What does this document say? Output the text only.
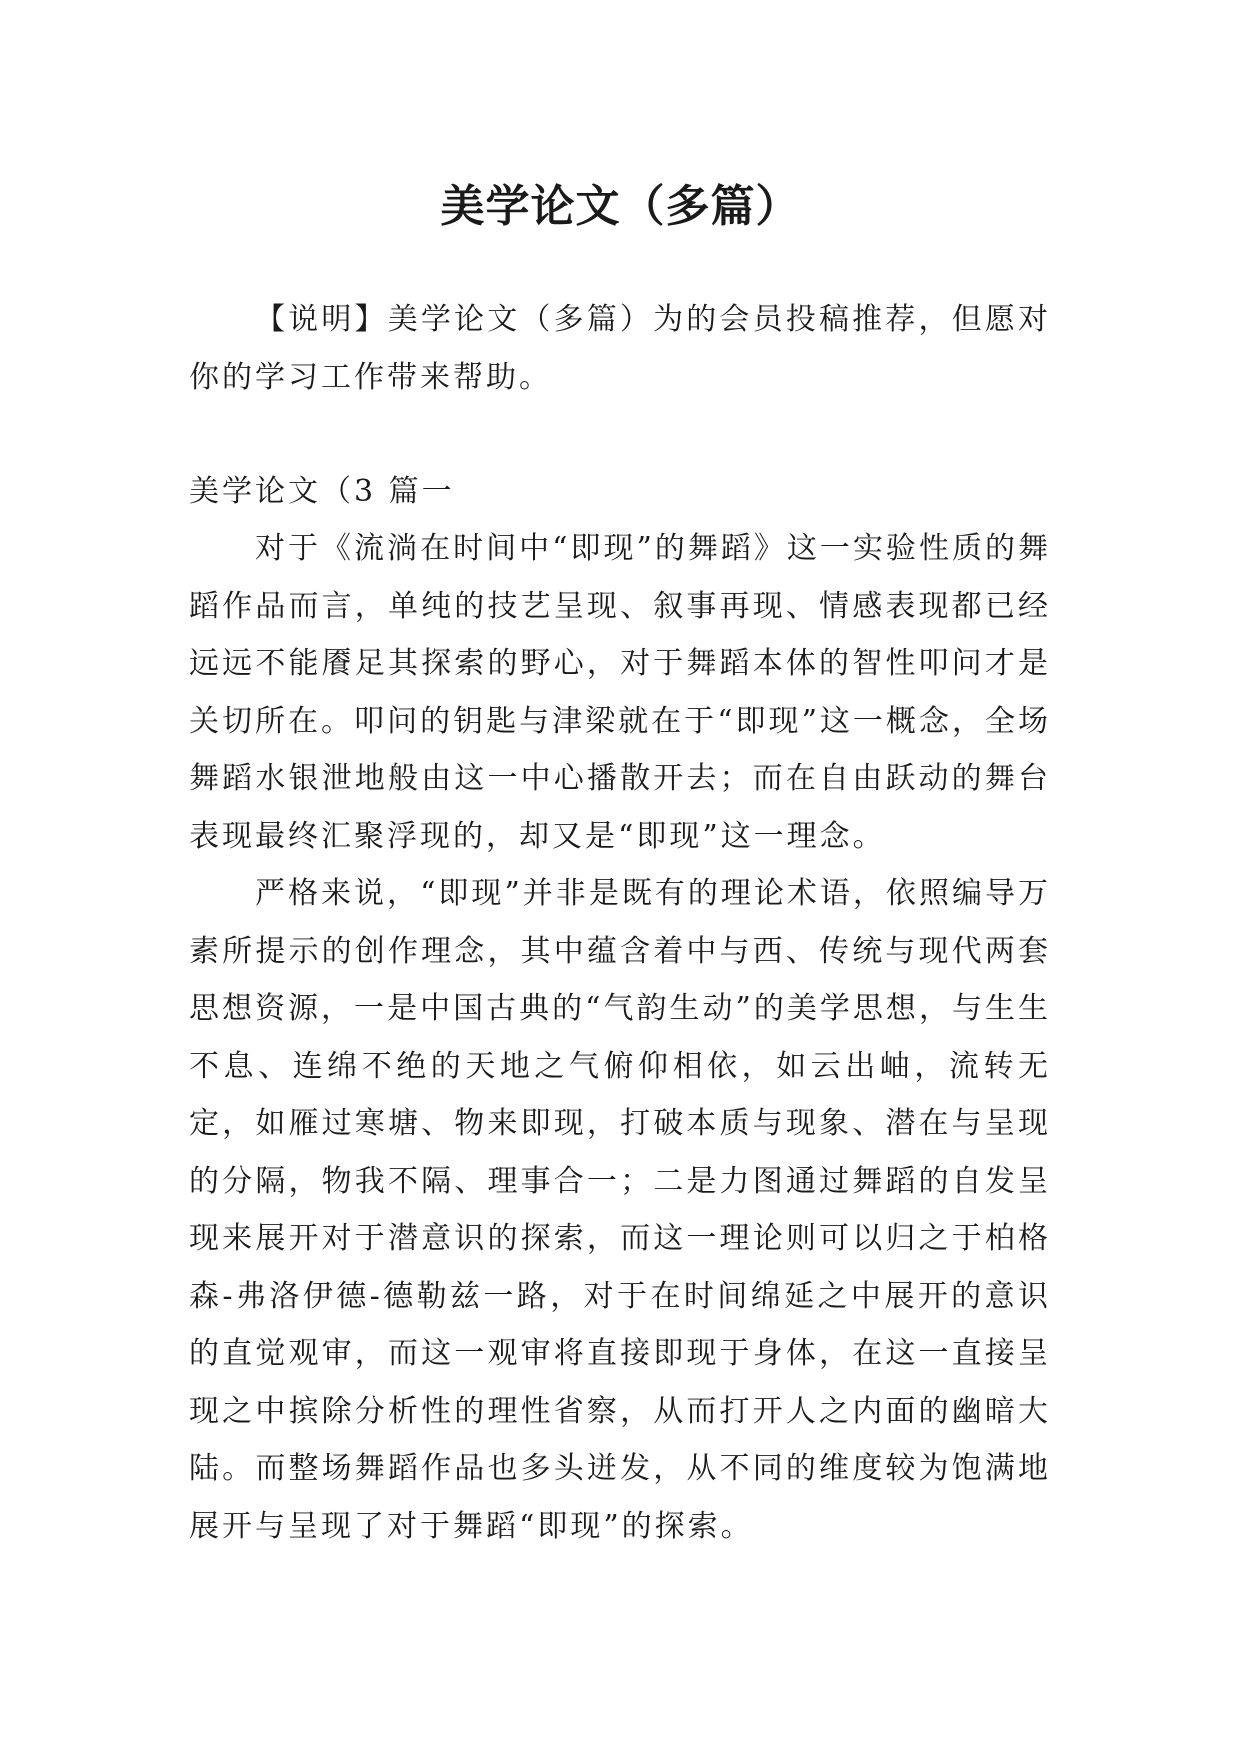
美学论文（多篇）

【说明】美学论文（多篇）为的会员投稿推荐，但愿对你的学习工作带来帮助。

美学论文（3 篇一

对于《流淌在时间中“即现”的舞蹈》这一实验性质的舞蹈作品而言，单纯的技艺呈现、叙事再现、情感表现都已经远远不能餍足其探索的野心，对于舞蹈本体的智性叩问才是关切所在。叩问的钥匙与津梁就在于“即现”这一概念，全场舞蹈水银泄地般由这一中心播散开去；而在自由跃动的舞台表现最终汇聚浮现的，却又是“即现”这一理念。

严格来说，“即现”并非是既有的理论术语，依照编导万素所提示的创作理念，其中蕴含着中与西、传统与现代两套思想资源，一是中国古典的“气韵生动”的美学思想，与生生不息、连绵不绝的天地之气俯仰相依，如云出岫，流转无定，如雁过寒塘、物来即现，打破本质与现象、潜在与呈现的分隔，物我不隔、理事合一；二是力图通过舞蹈的自发呈现来展开对于潜意识的探索，而这一理论则可以归之于柏格森-弗洛伊德-德勒兹一路，对于在时间绵延之中展开的意识的直觉观审，而这一观审将直接即现于身体，在这一直接呈现之中摈除分析性的理性省察，从而打开人之内面的幽暗大陆。而整场舞蹈作品也多头迸发，从不同的维度较为饱满地展开与呈现了对于舞蹈“即现”的探索。
